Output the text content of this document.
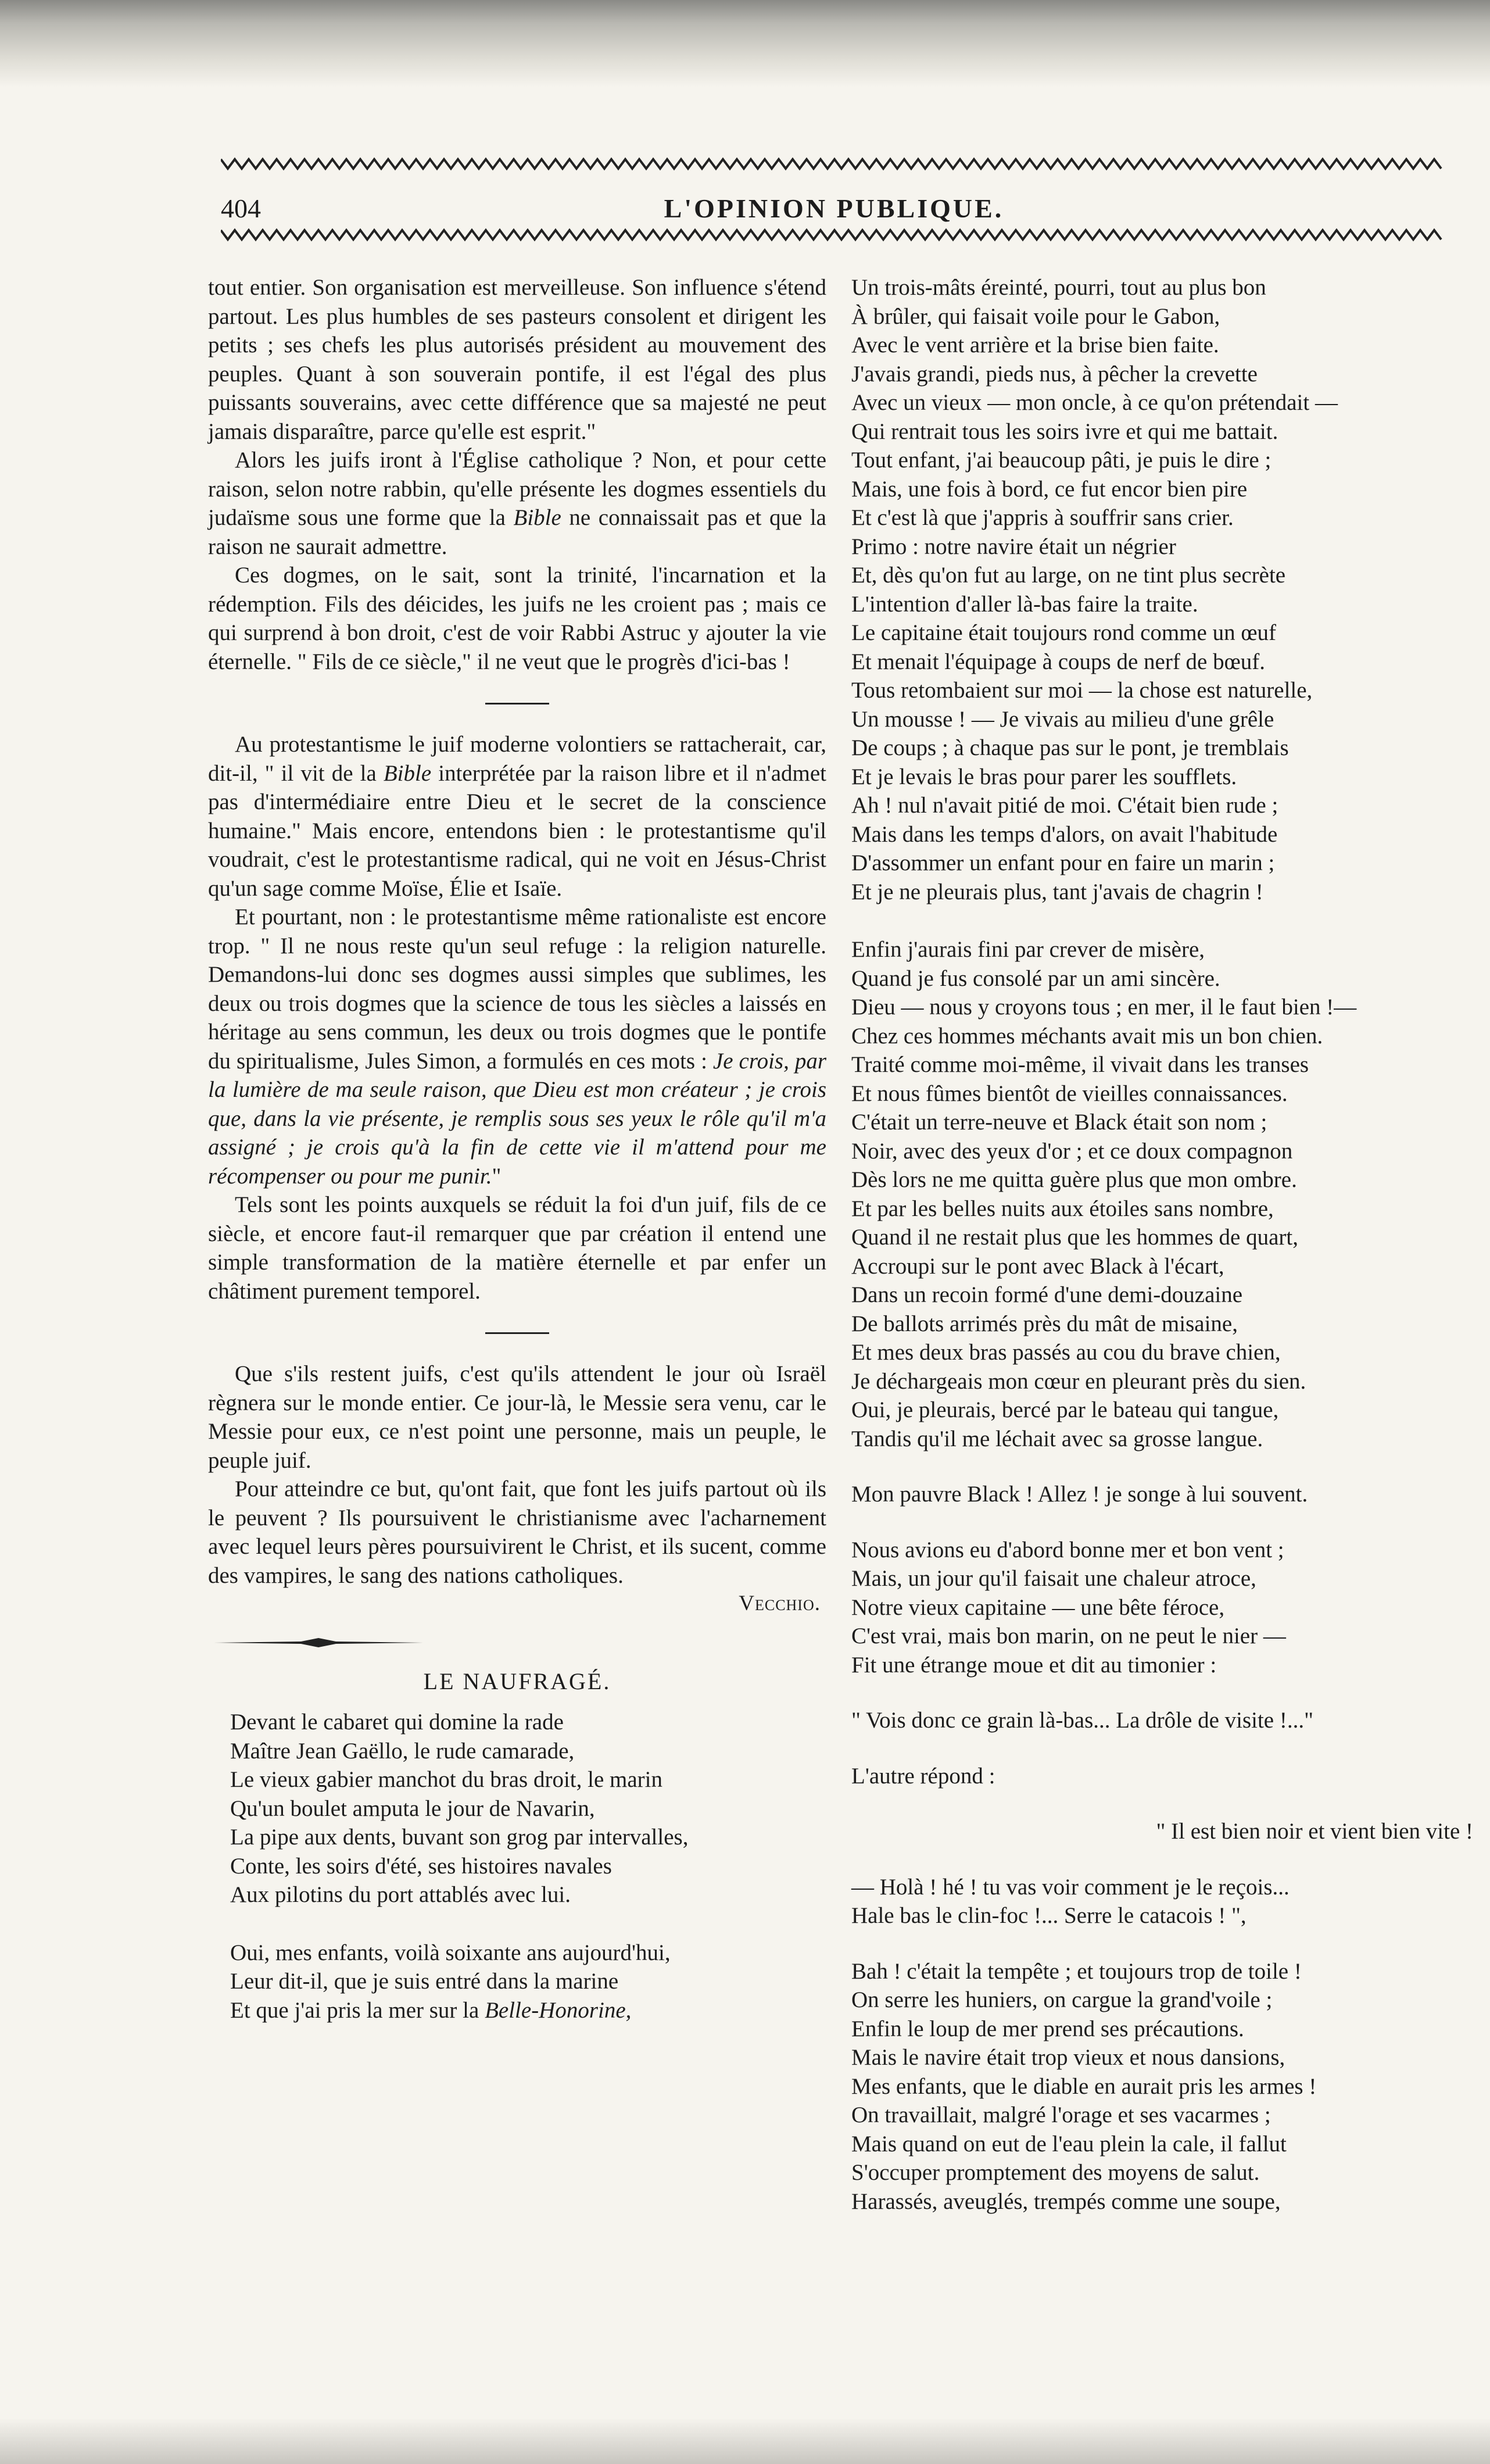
404	L'OPINION PUBLIQUE.

tout entier. Son organisation est merveilleuse. Son influence s'étend partout. Les plus humbles de ses pasteurs consolent et dirigent les petits ; ses chefs les plus autorisés président au mouvement des peuples. Quant à son souverain pontife, il est l'égal des plus puissants souverains, avec cette différence que sa majesté ne peut jamais disparaître, parce qu'elle est esprit."

Alors les juifs iront à l'Église catholique ? Non, et pour cette raison, selon notre rabbin, qu'elle présente les dogmes essentiels du judaïsme sous une forme que la Bible ne connaissait pas et que la raison ne saurait admettre.

Ces dogmes, on le sait, sont la trinité, l'incarnation et la rédemption. Fils des déicides, les juifs ne les croient pas ; mais ce qui surprend à bon droit, c'est de voir Rabbi Astruc y ajouter la vie éternelle. " Fils de ce siècle," il ne veut que le progrès d'ici-bas !

Au protestantisme le juif moderne volontiers se rattacherait, car, dit-il, " il vit de la Bible interprétée par la raison libre et il n'admet pas d'intermédiaire entre Dieu et le secret de la conscience humaine." Mais encore, entendons bien : le protestantisme qu'il voudrait, c'est le protestantisme radical, qui ne voit en Jésus-Christ qu'un sage comme Moïse, Élie et Isaïe.

Et pourtant, non : le protestantisme même rationaliste est encore trop. " Il ne nous reste qu'un seul refuge : la religion naturelle. Demandons-lui donc ses dogmes aussi simples que sublimes, les deux ou trois dogmes que la science de tous les siècles a laissés en héritage au sens commun, les deux ou trois dogmes que le pontife du spiritualisme, Jules Simon, a formulés en ces mots : Je crois, par la lumière de ma seule raison, que Dieu est mon créateur ; je crois que, dans la vie présente, je remplis sous ses yeux le rôle qu'il m'a assigné ; je crois qu'à la fin de cette vie il m'attend pour me récompenser ou pour me punir."

Tels sont les points auxquels se réduit la foi d'un juif, fils de ce siècle, et encore faut-il remarquer que par création il entend une simple transformation de la matière éternelle et par enfer un châtiment purement temporel.

Que s'ils restent juifs, c'est qu'ils attendent le jour où Israël règnera sur le monde entier. Ce jour-là, le Messie sera venu, car le Messie pour eux, ce n'est point une personne, mais un peuple, le peuple juif.

Pour atteindre ce but, qu'ont fait, que font les juifs partout où ils le peuvent ? Ils poursuivent le christianisme avec l'acharnement avec lequel leurs pères poursuivirent le Christ, et ils sucent, comme des vampires, le sang des nations catholiques.

Vecchio.
LE NAUFRAGÉ.
Devant le cabaret qui domine la rade
Maître Jean Gaëllo, le rude camarade,
Le vieux gabier manchot du bras droit, le marin
Qu'un boulet amputa le jour de Navarin,
La pipe aux dents, buvant son grog par intervalles,
Conte, les soirs d'été, ses histoires navales
Aux pilotins du port attablés avec lui.
Oui, mes enfants, voilà soixante ans aujourd'hui,
Leur dit-il, que je suis entré dans la marine
Et que j'ai pris la mer sur la Belle-Honorine,
Un trois-mâts éreinté, pourri, tout au plus bon
À brûler, qui faisait voile pour le Gabon,
Avec le vent arrière et la brise bien faite.
J'avais grandi, pieds nus, à pêcher la crevette
Avec un vieux — mon oncle, à ce qu'on prétendait —
Qui rentrait tous les soirs ivre et qui me battait.
Tout enfant, j'ai beaucoup pâti, je puis le dire ;
Mais, une fois à bord, ce fut encor bien pire
Et c'est là que j'appris à souffrir sans crier.
Primo : notre navire était un négrier
Et, dès qu'on fut au large, on ne tint plus secrète
L'intention d'aller là-bas faire la traite.
Le capitaine était toujours rond comme un œuf
Et menait l'équipage à coups de nerf de bœuf.
Tous retombaient sur moi — la chose est naturelle,
Un mousse ! — Je vivais au milieu d'une grêle
De coups ; à chaque pas sur le pont, je tremblais
Et je levais le bras pour parer les soufflets.
Ah ! nul n'avait pitié de moi. C'était bien rude ;
Mais dans les temps d'alors, on avait l'habitude
D'assommer un enfant pour en faire un marin ;
Et je ne pleurais plus, tant j'avais de chagrin !
Enfin j'aurais fini par crever de misère,
Quand je fus consolé par un ami sincère.
Dieu — nous y croyons tous ; en mer, il le faut bien !—
Chez ces hommes méchants avait mis un bon chien.
Traité comme moi-même, il vivait dans les transes
Et nous fûmes bientôt de vieilles connaissances.
C'était un terre-neuve et Black était son nom ;
Noir, avec des yeux d'or ; et ce doux compagnon
Dès lors ne me quitta guère plus que mon ombre.
Et par les belles nuits aux étoiles sans nombre,
Quand il ne restait plus que les hommes de quart,
Accroupi sur le pont avec Black à l'écart,
Dans un recoin formé d'une demi-douzaine
De ballots arrimés près du mât de misaine,
Et mes deux bras passés au cou du brave chien,
Je déchargeais mon cœur en pleurant près du sien.
Oui, je pleurais, bercé par le bateau qui tangue,
Tandis qu'il me léchait avec sa grosse langue.
Mon pauvre Black ! Allez ! je songe à lui souvent.
Nous avions eu d'abord bonne mer et bon vent ;
Mais, un jour qu'il faisait une chaleur atroce,
Notre vieux capitaine — une bête féroce,
C'est vrai, mais bon marin, on ne peut le nier —
Fit une étrange moue et dit au timonier :
" Vois donc ce grain là-bas... La drôle de visite !..."
L'autre répond :
" Il est bien noir et vient bien vite !
— Holà ! hé ! tu vas voir comment je le reçois...
Hale bas le clin-foc !... Serre le catacois ! ",
Bah ! c'était la tempête ; et toujours trop de toile !
On serre les huniers, on cargue la grand'voile ;
Enfin le loup de mer prend ses précautions.
Mais le navire était trop vieux et nous dansions,
Mes enfants, que le diable en aurait pris les armes !
On travaillait, malgré l'orage et ses vacarmes ;
Mais quand on eut de l'eau plein la cale, il fallut
S'occuper promptement des moyens de salut.
Harassés, aveuglés, trempés comme une soupe,
